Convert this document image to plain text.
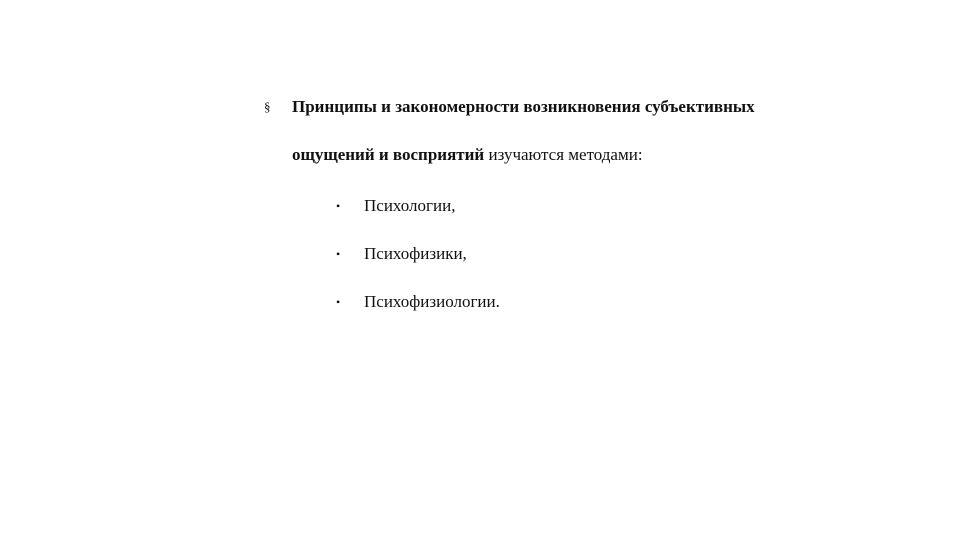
§ Принципы и закономерности возникновения субъективных
ощущений и восприятий изучаются методами:
•	Психологии,
•	Психофизики,
•	Психофизиологии.
